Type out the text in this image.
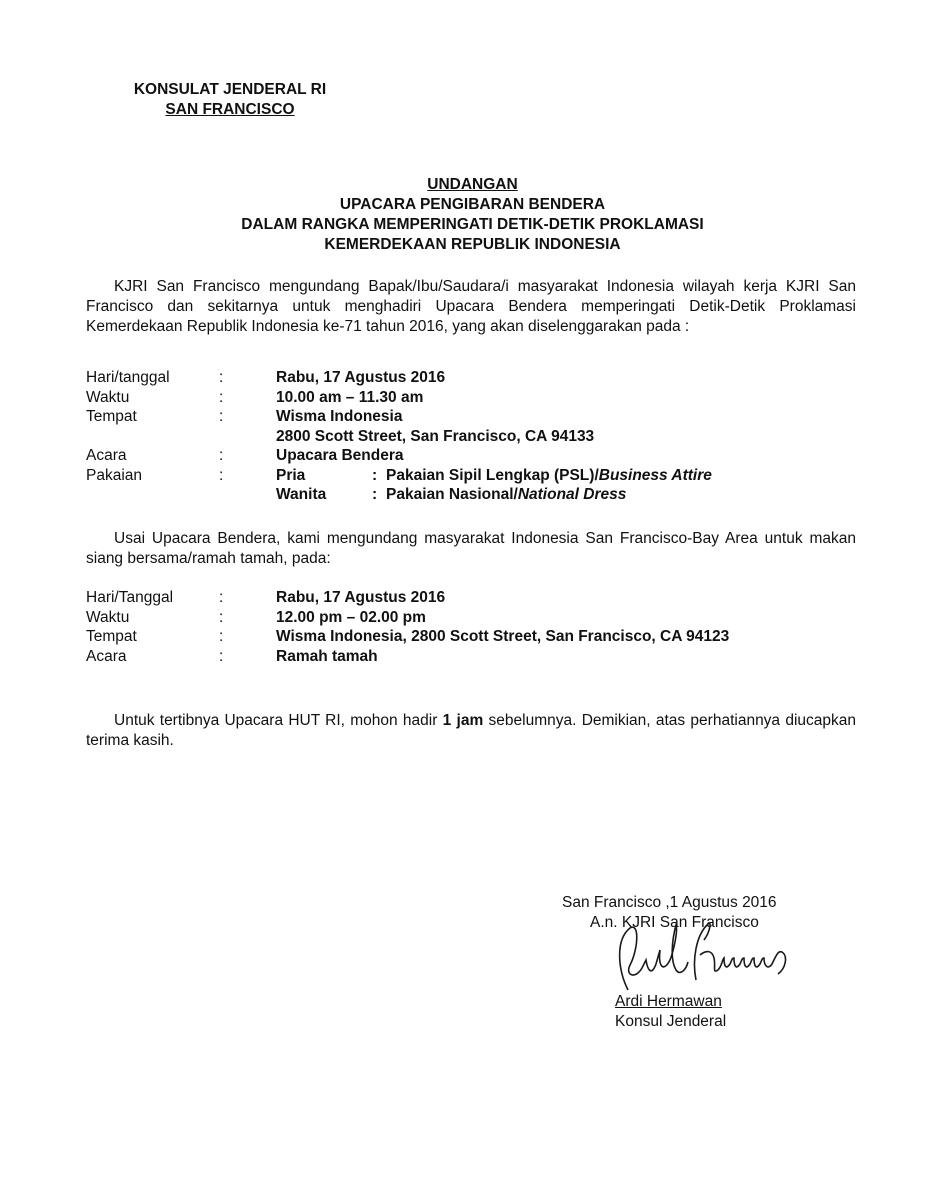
KONSULAT JENDERAL RI
SAN FRANCISCO
UNDANGAN
UPACARA PENGIBARAN BENDERA
DALAM RANGKA MEMPERINGATI DETIK-DETIK PROKLAMASI
KEMERDEKAAN REPUBLIK INDONESIA
KJRI San Francisco mengundang Bapak/Ibu/Saudara/i masyarakat Indonesia wilayah kerja KJRI San Francisco dan sekitarnya untuk menghadiri Upacara Bendera memperingati Detik-Detik Proklamasi Kemerdekaan Republik Indonesia ke-71 tahun 2016, yang akan diselenggarakan pada :
Hari/tanggal	:	Rabu, 17 Agustus 2016
Waktu	:	10.00 am – 11.30 am
Tempat	:	Wisma Indonesia
2800 Scott Street, San Francisco, CA 94133
Acara	:	Upacara Bendera
Pakaian	:	Pria	: Pakaian Sipil Lengkap (PSL)/Business Attire
Wanita	: Pakaian Nasional/National Dress
Usai Upacara Bendera, kami mengundang masyarakat Indonesia San Francisco-Bay Area untuk makan siang bersama/ramah tamah, pada:
Hari/Tanggal	:	Rabu, 17 Agustus 2016
Waktu	:	12.00 pm – 02.00 pm
Tempat	:	Wisma Indonesia, 2800 Scott Street, San Francisco, CA 94123
Acara	:	Ramah tamah
Untuk tertibnya Upacara HUT RI, mohon hadir 1 jam sebelumnya. Demikian, atas perhatiannya diucapkan terima kasih.
San Francisco ,1 Agustus 2016
A.n. KJRI San Francisco
Ardi Hermawan
Konsul Jenderal
